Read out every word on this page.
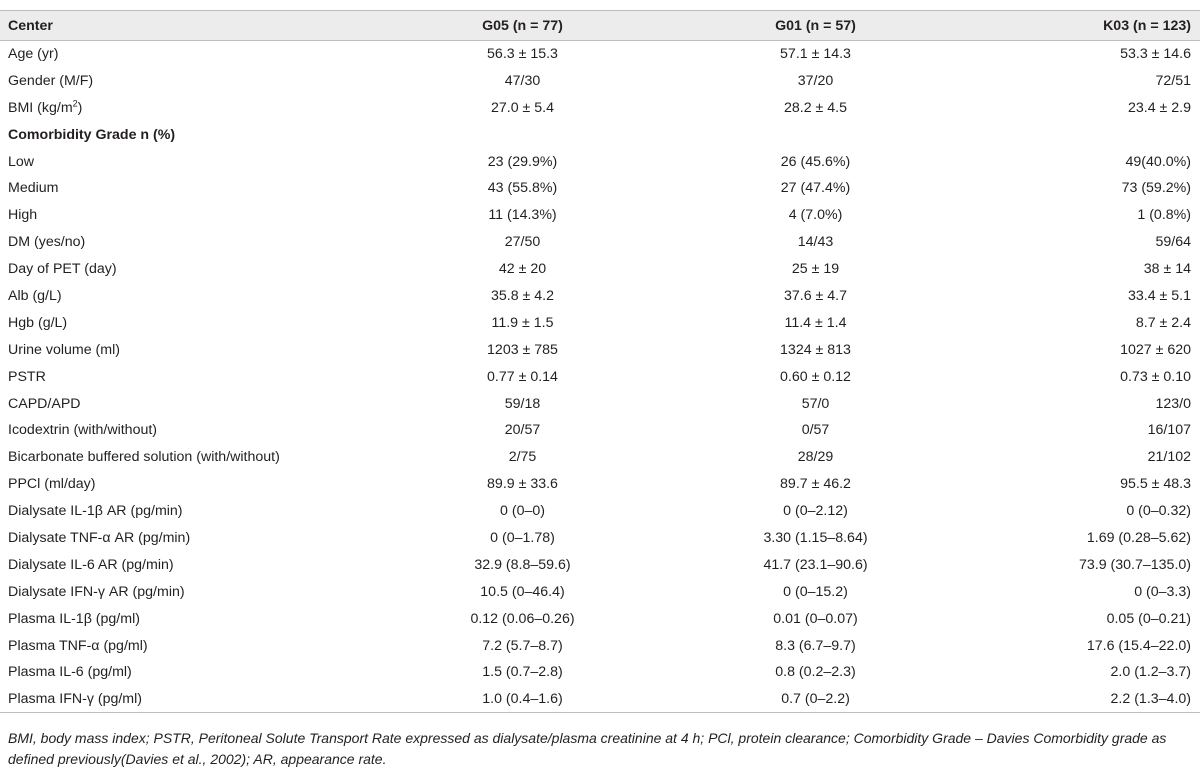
Center	G05 (n = 77)	G01 (n = 57)	K03 (n = 123)
Age (yr)	56.3 ± 15.3	57.1 ± 14.3	53.3 ± 14.6
Gender (M/F)	47/30	37/20	72/51
BMI $(kg/m^2)$	27.0 ± 5.4	28.2 ± 4.5	23.4 ± 2.9
Comorbidity Grade n (%)			
Low	23 (29.9%)	26 (45.6%)	49(40.0%)
Medium	43 (55.8%)	27 (47.4%)	73 (59.2%)
High	11 (14.3%)	4 (7.0%)	1 (0.8%)
DM (yes/no)	27/50	14/43	59/64
Day of PET (day)	42 ± 20	25 ± 19	38 ± 14
Alb (g/L)	35.8 ± 4.2	37.6 ± 4.7	33.4 ± 5.1
Hgb (g/L)	11.9 ± 1.5	11.4 ± 1.4	8.7 ± 2.4
Urine volume (ml)	1203 ± 785	1324 ± 813	1027 ± 620
PSTR	0.77 ± 0.14	0.60 ± 0.12	0.73 ± 0.10
CAPD/APD	59/18	57/0	123/0
Icodextrin (with/without)	20/57	0/57	16/107
Bicarbonate buffered solution (with/without)	2/75	28/29	21/102
PPCl (ml/day)	89.9 ± 33.6	89.7 ± 46.2	95.5 ± 48.3
Dialysate IL-1β AR (pg/min)	0 (0–0)	0 (0–2.12)	0 (0–0.32)
Dialysate TNF-α AR (pg/min)	0 (0–1.78)	3.30 (1.15–8.64)	1.69 (0.28–5.62)
Dialysate IL-6 AR (pg/min)	32.9 (8.8–59.6)	41.7 (23.1–90.6)	73.9 (30.7–135.0)
Dialysate IFN-γ AR (pg/min)	10.5 (0–46.4)	0 (0–15.2)	0 (0–3.3)
Plasma IL-1β (pg/ml)	0.12 (0.06–0.26)	0.01 (0–0.07)	0.05 (0–0.21)
Plasma TNF-α (pg/ml)	7.2 (5.7–8.7)	8.3 (6.7–9.7)	17.6 (15.4–22.0)
Plasma IL-6 (pg/ml)	1.5 (0.7–2.8)	0.8 (0.2–2.3)	2.0 (1.2–3.7)
Plasma IFN-γ (pg/ml)	1.0 (0.4–1.6)	0.7 (0–2.2)	2.2 (1.3–4.0)
BMI, body mass index; PSTR, Peritoneal Solute Transport Rate expressed as dialysate/plasma creatinine at 4 h; PCl, protein clearance; Comorbidity Grade – Davies Comorbidity grade as defined previously(Davies et al., 2002); AR, appearance rate.
